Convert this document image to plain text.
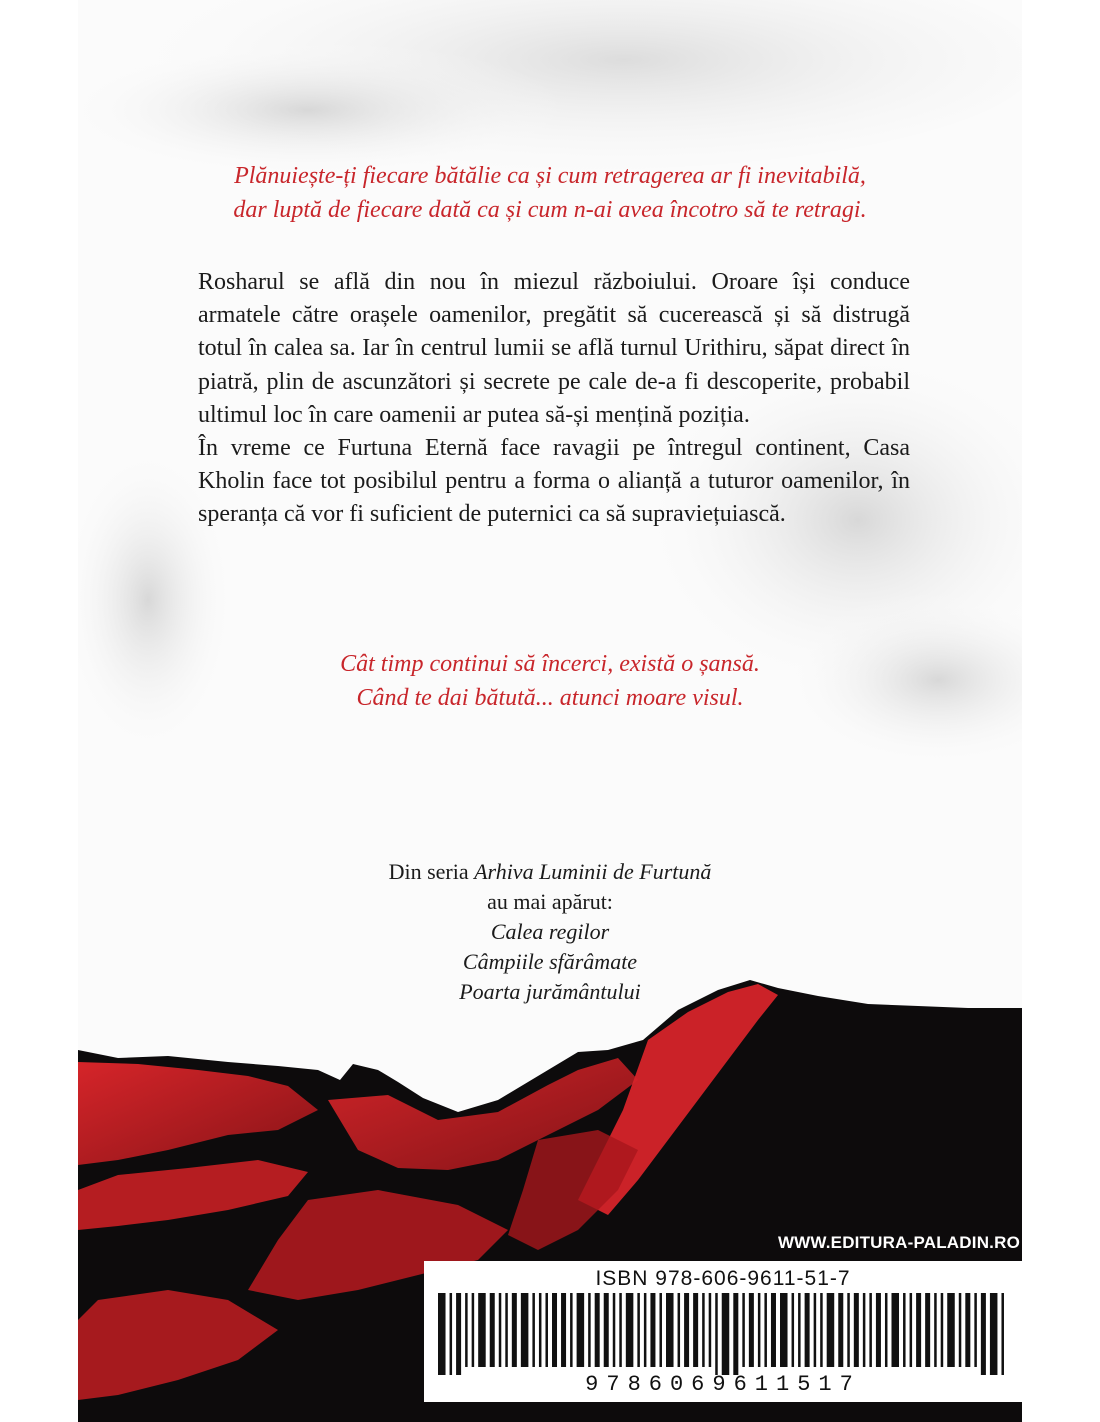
Plănuiește-ți fiecare bătălie ca și cum retragerea ar fi inevitabilă,

dar luptă de fiecare dată ca și cum n-ai avea încotro să te retragi.

Rosharul se află din nou în miezul războiului. Oroare își conduce armatele către orașele oamenilor, pregătit să cucerească și să distrugă totul în calea sa. Iar în centrul lumii se află turnul Urithiru, săpat direct în piatră, plin de ascunzători și secrete pe cale de-a fi descoperite, probabil ultimul loc în care oamenii ar putea să-și mențină poziția.

În vreme ce Furtuna Eternă face ravagii pe întregul continent, Casa Kholin face tot posibilul pentru a forma o alianță a tuturor oamenilor, în speranța că vor fi suficient de puternici ca să supraviețuiască.

Cât timp continui să încerci, există o șansă.

Când te dai bătută... atunci moare visul.

Din seria Arhiva Luminii de Furtună

au mai apărut:

Calea regilor

Câmpiile sfărâmate

Poarta jurământului

WWW.EDITURA-PALADIN.RO
ISBN 978-606-9611-51-7
9786069611517
